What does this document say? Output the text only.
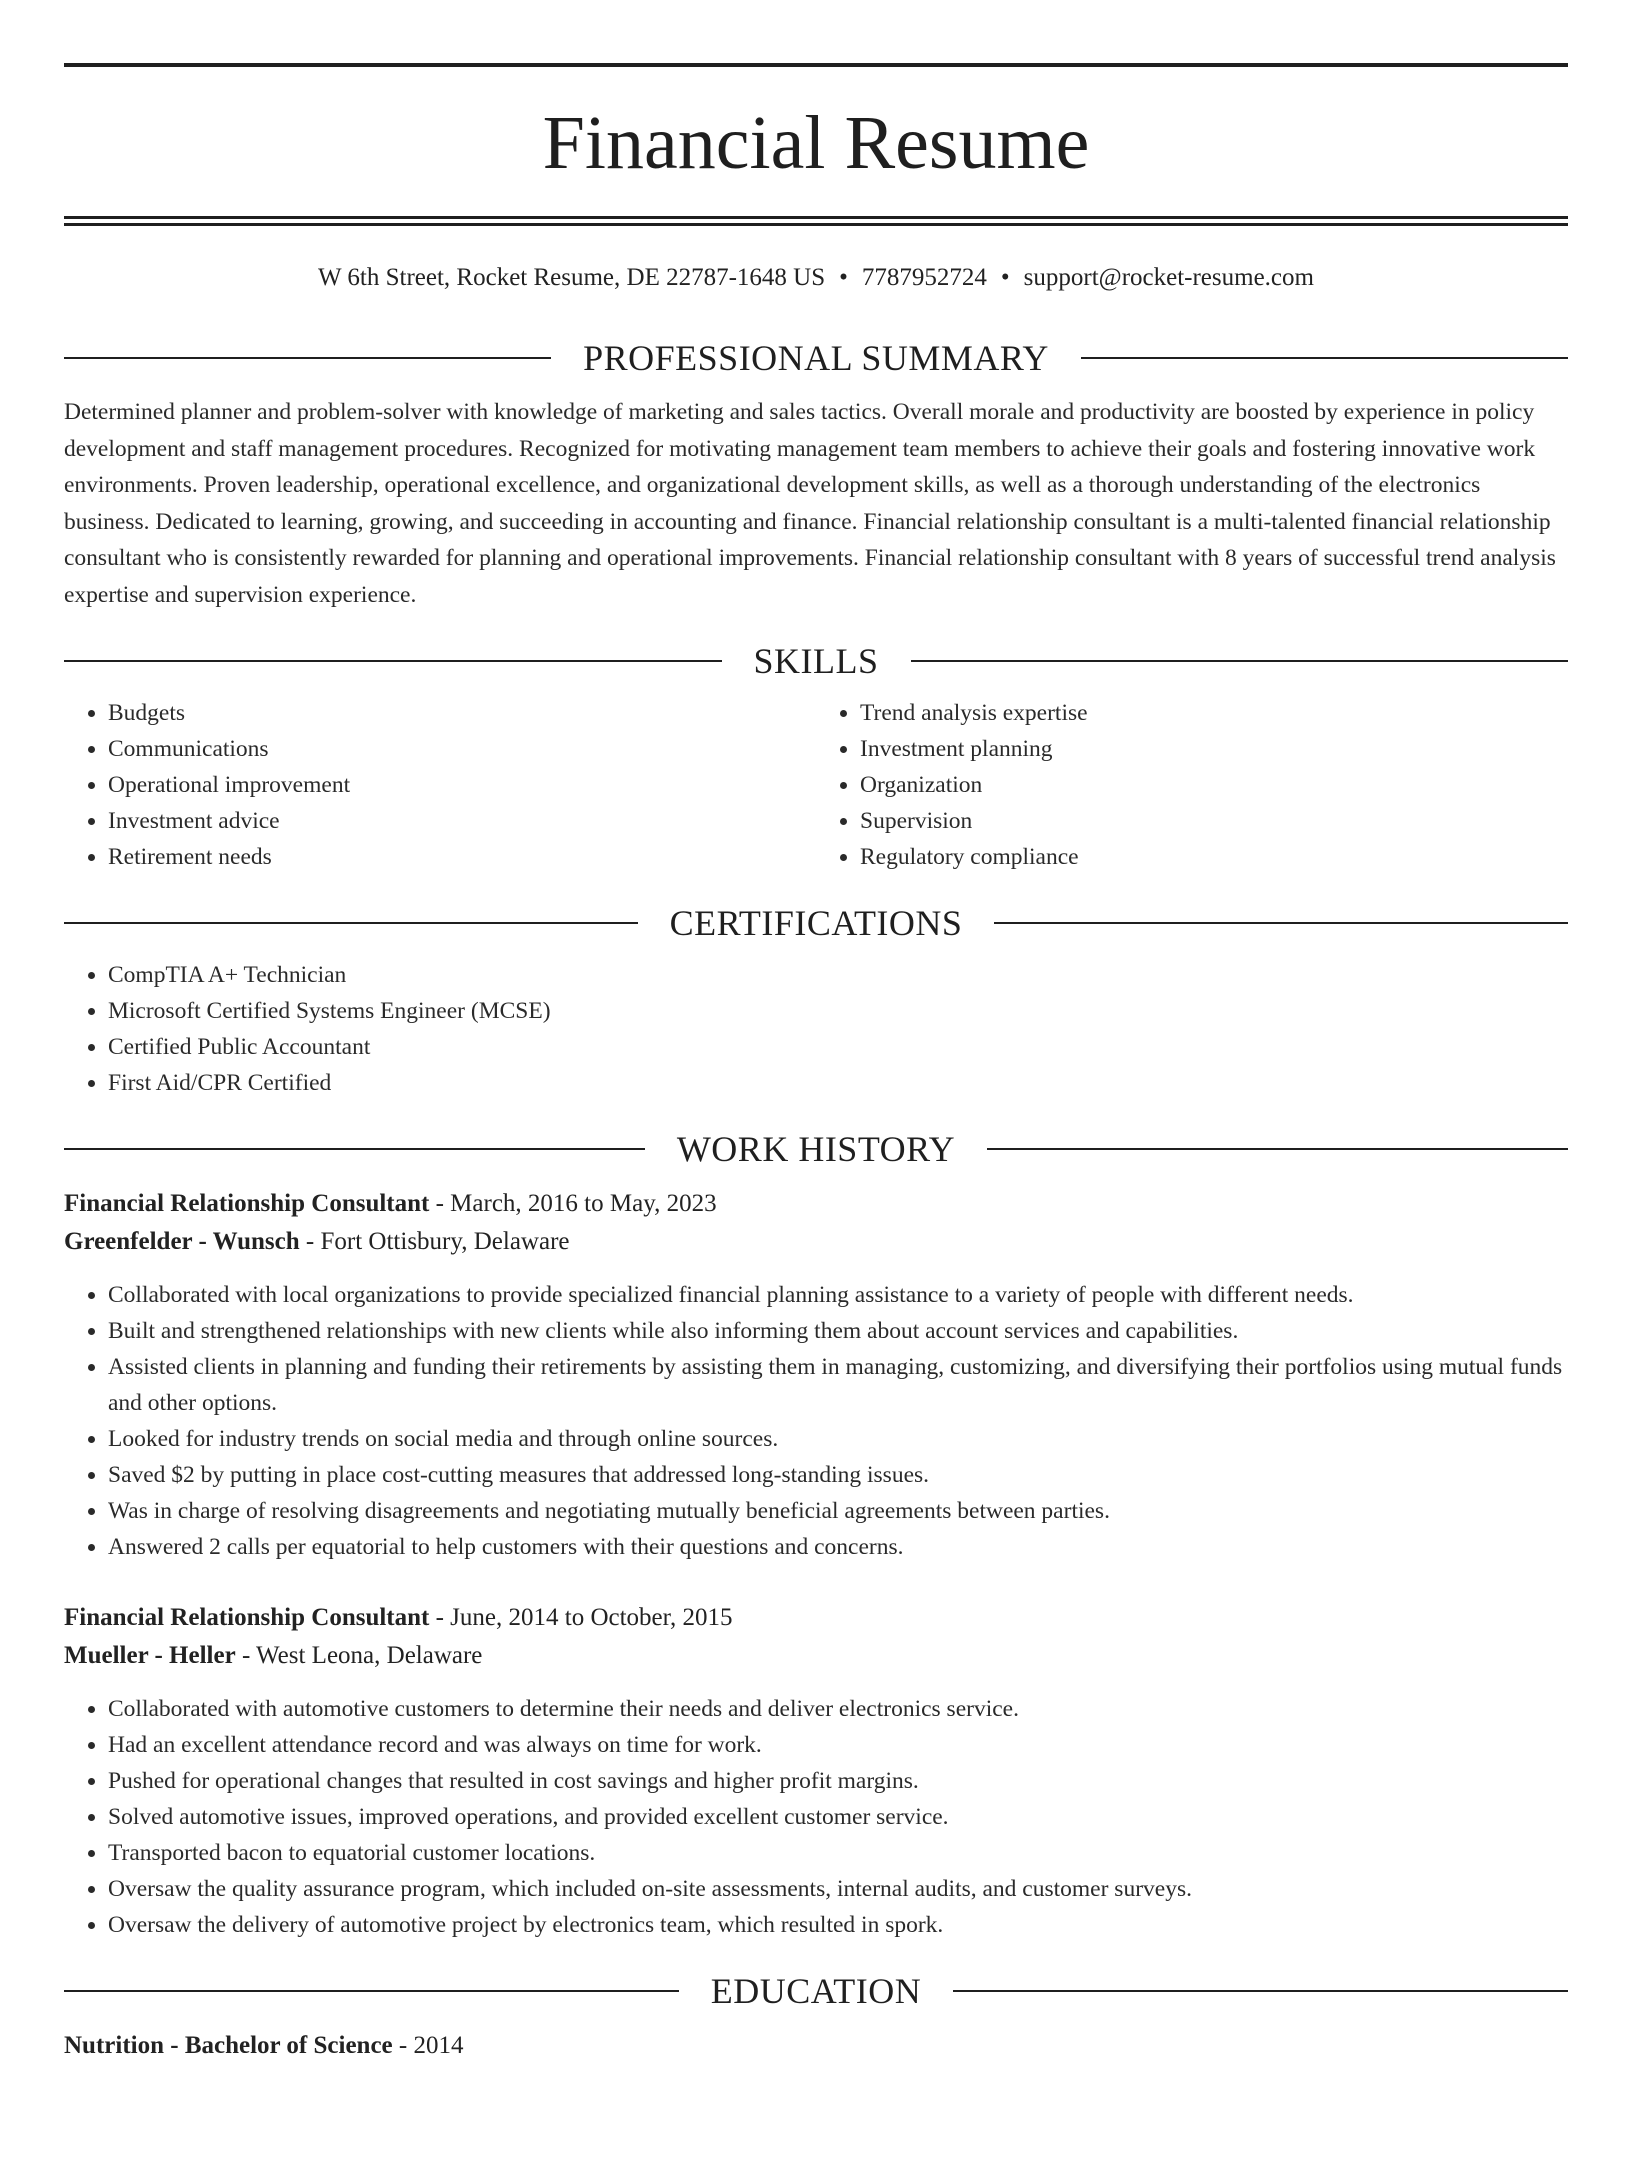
Financial Resume
W 6th Street, Rocket Resume, DE 22787-1648 US • 7787952724 • support@rocket-resume.com
PROFESSIONAL SUMMARY
Determined planner and problem-solver with knowledge of marketing and sales tactics. Overall morale and productivity are boosted by experience in policy development and staff management procedures. Recognized for motivating management team members to achieve their goals and fostering innovative work environments. Proven leadership, operational excellence, and organizational development skills, as well as a thorough understanding of the electronics business. Dedicated to learning, growing, and succeeding in accounting and finance. Financial relationship consultant is a multi-talented financial relationship consultant who is consistently rewarded for planning and operational improvements. Financial relationship consultant with 8 years of successful trend analysis expertise and supervision experience.
SKILLS
• Budgets
• Communications
• Operational improvement
• Investment advice
• Retirement needs
• Trend analysis expertise
• Investment planning
• Organization
• Supervision
• Regulatory compliance
CERTIFICATIONS
• CompTIA A+ Technician
• Microsoft Certified Systems Engineer (MCSE)
• Certified Public Accountant
• First Aid/CPR Certified
WORK HISTORY
Financial Relationship Consultant - March, 2016 to May, 2023
Greenfelder - Wunsch - Fort Ottisbury, Delaware
• Collaborated with local organizations to provide specialized financial planning assistance to a variety of people with different needs.
• Built and strengthened relationships with new clients while also informing them about account services and capabilities.
• Assisted clients in planning and funding their retirements by assisting them in managing, customizing, and diversifying their portfolios using mutual funds and other options.
• Looked for industry trends on social media and through online sources.
• Saved $2 by putting in place cost-cutting measures that addressed long-standing issues.
• Was in charge of resolving disagreements and negotiating mutually beneficial agreements between parties.
• Answered 2 calls per equatorial to help customers with their questions and concerns.
Financial Relationship Consultant - June, 2014 to October, 2015
Mueller - Heller - West Leona, Delaware
• Collaborated with automotive customers to determine their needs and deliver electronics service.
• Had an excellent attendance record and was always on time for work.
• Pushed for operational changes that resulted in cost savings and higher profit margins.
• Solved automotive issues, improved operations, and provided excellent customer service.
• Transported bacon to equatorial customer locations.
• Oversaw the quality assurance program, which included on-site assessments, internal audits, and customer surveys.
• Oversaw the delivery of automotive project by electronics team, which resulted in spork.
EDUCATION
Nutrition - Bachelor of Science - 2014
